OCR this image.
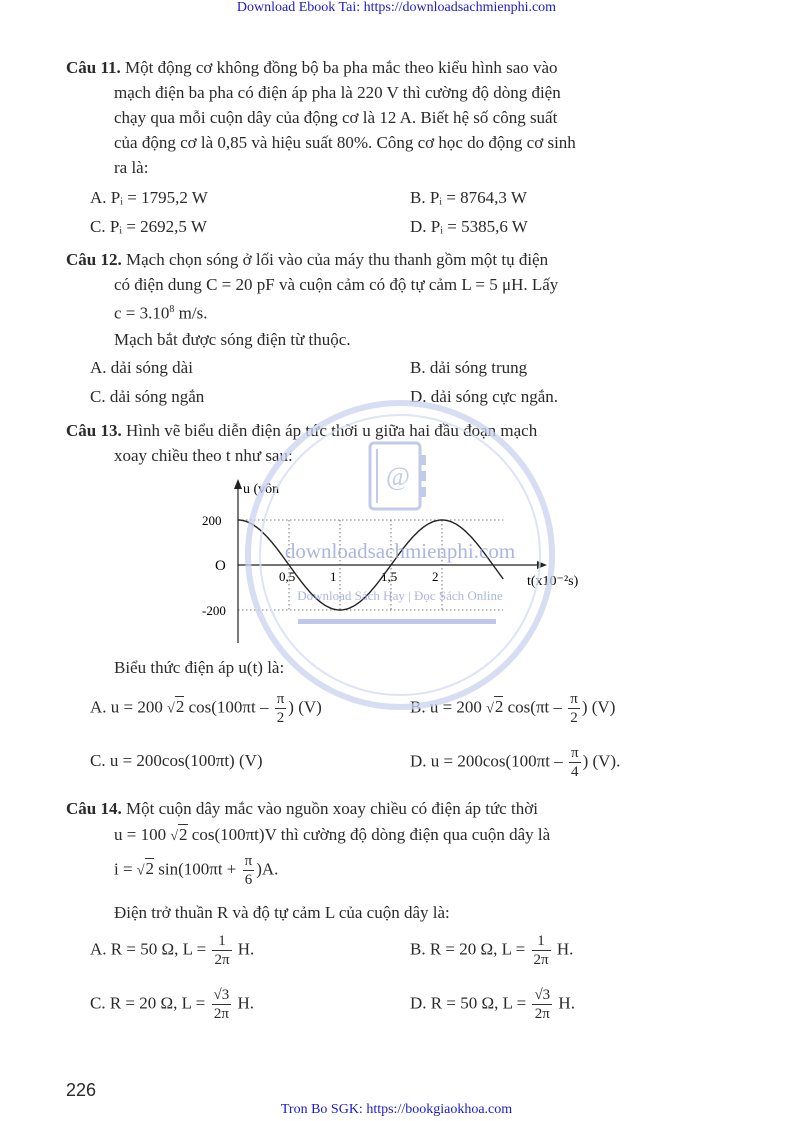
Download Ebook Tai: https://downloadsachmienphi.com
Câu 11. Một động cơ không đồng bộ ba pha mắc theo kiểu hình sao vào
mạch điện ba pha có điện áp pha là 220 V thì cường độ dòng điện
chạy qua mỗi cuộn dây của động cơ là 12 A. Biết hệ số công suất
của động cơ là 0,85 và hiệu suất 80%. Công cơ học do động cơ sinh
ra là:
A. Pᵢ = 1795,2 W	B. Pᵢ = 8764,3 W
C. Pᵢ = 2692,5 W	D. Pᵢ = 5385,6 W
Câu 12. Mạch chọn sóng ở lối vào của máy thu thanh gồm một tụ điện
có điện dung C = 20 pF và cuộn cảm có độ tự cảm L = 5 μH. Lấy
$c = 3.10^8$ m/s.
Mạch bắt được sóng điện từ thuộc.
A. dải sóng dài	B. dải sóng trung
C. dải sóng ngắn	D. dải sóng cực ngắn.
Câu 13. Hình vẽ biểu diễn điện áp tức thời u giữa hai đầu đoạn mạch
xoay chiều theo t như sau:
u (vôn
O
t(x10⁻²s)
0,5	1	1,5	2
200
-200
Biểu thức điện áp u(t) là:
A. u = 200 √2 $\cos(100\pi t - \frac{\pi}{2}$ ) (V)	B. u = 200 √2 $\cos(\pi t - \frac{\pi}{2}$ ) (V)
C. u = 200cos(100πt) (V)	D. $u = 200\cos(100\pi t - \frac{\pi}{4}$ ) (V).
Câu 14. Một cuộn dây mắc vào nguồn xoay chiều có điện áp tức thời
u = 100 √2 cos(100πt)V thì cường độ dòng điện qua cuộn dây là
i = √2 $\sin(100\pi t + \frac{\pi}{6} )A$.
Điện trở thuần R và độ tự cảm L của cuộn dây là:
A. R = 50 Ω, $L = \frac{1}{2\pi} H$.	B. R = 20 Ω, $L = \frac{1}{2\pi} H$.
C. R = 20 Ω, $L = \frac{√3}{2\pi} H$.	D. R = 50 Ω, $L = \frac{√3}{2\pi} H$.
226
Tron Bo SGK: https://bookgiaokhoa.com
@
downloadsachmienphi.com
Download Sách Hay | Đọc Sách Online
